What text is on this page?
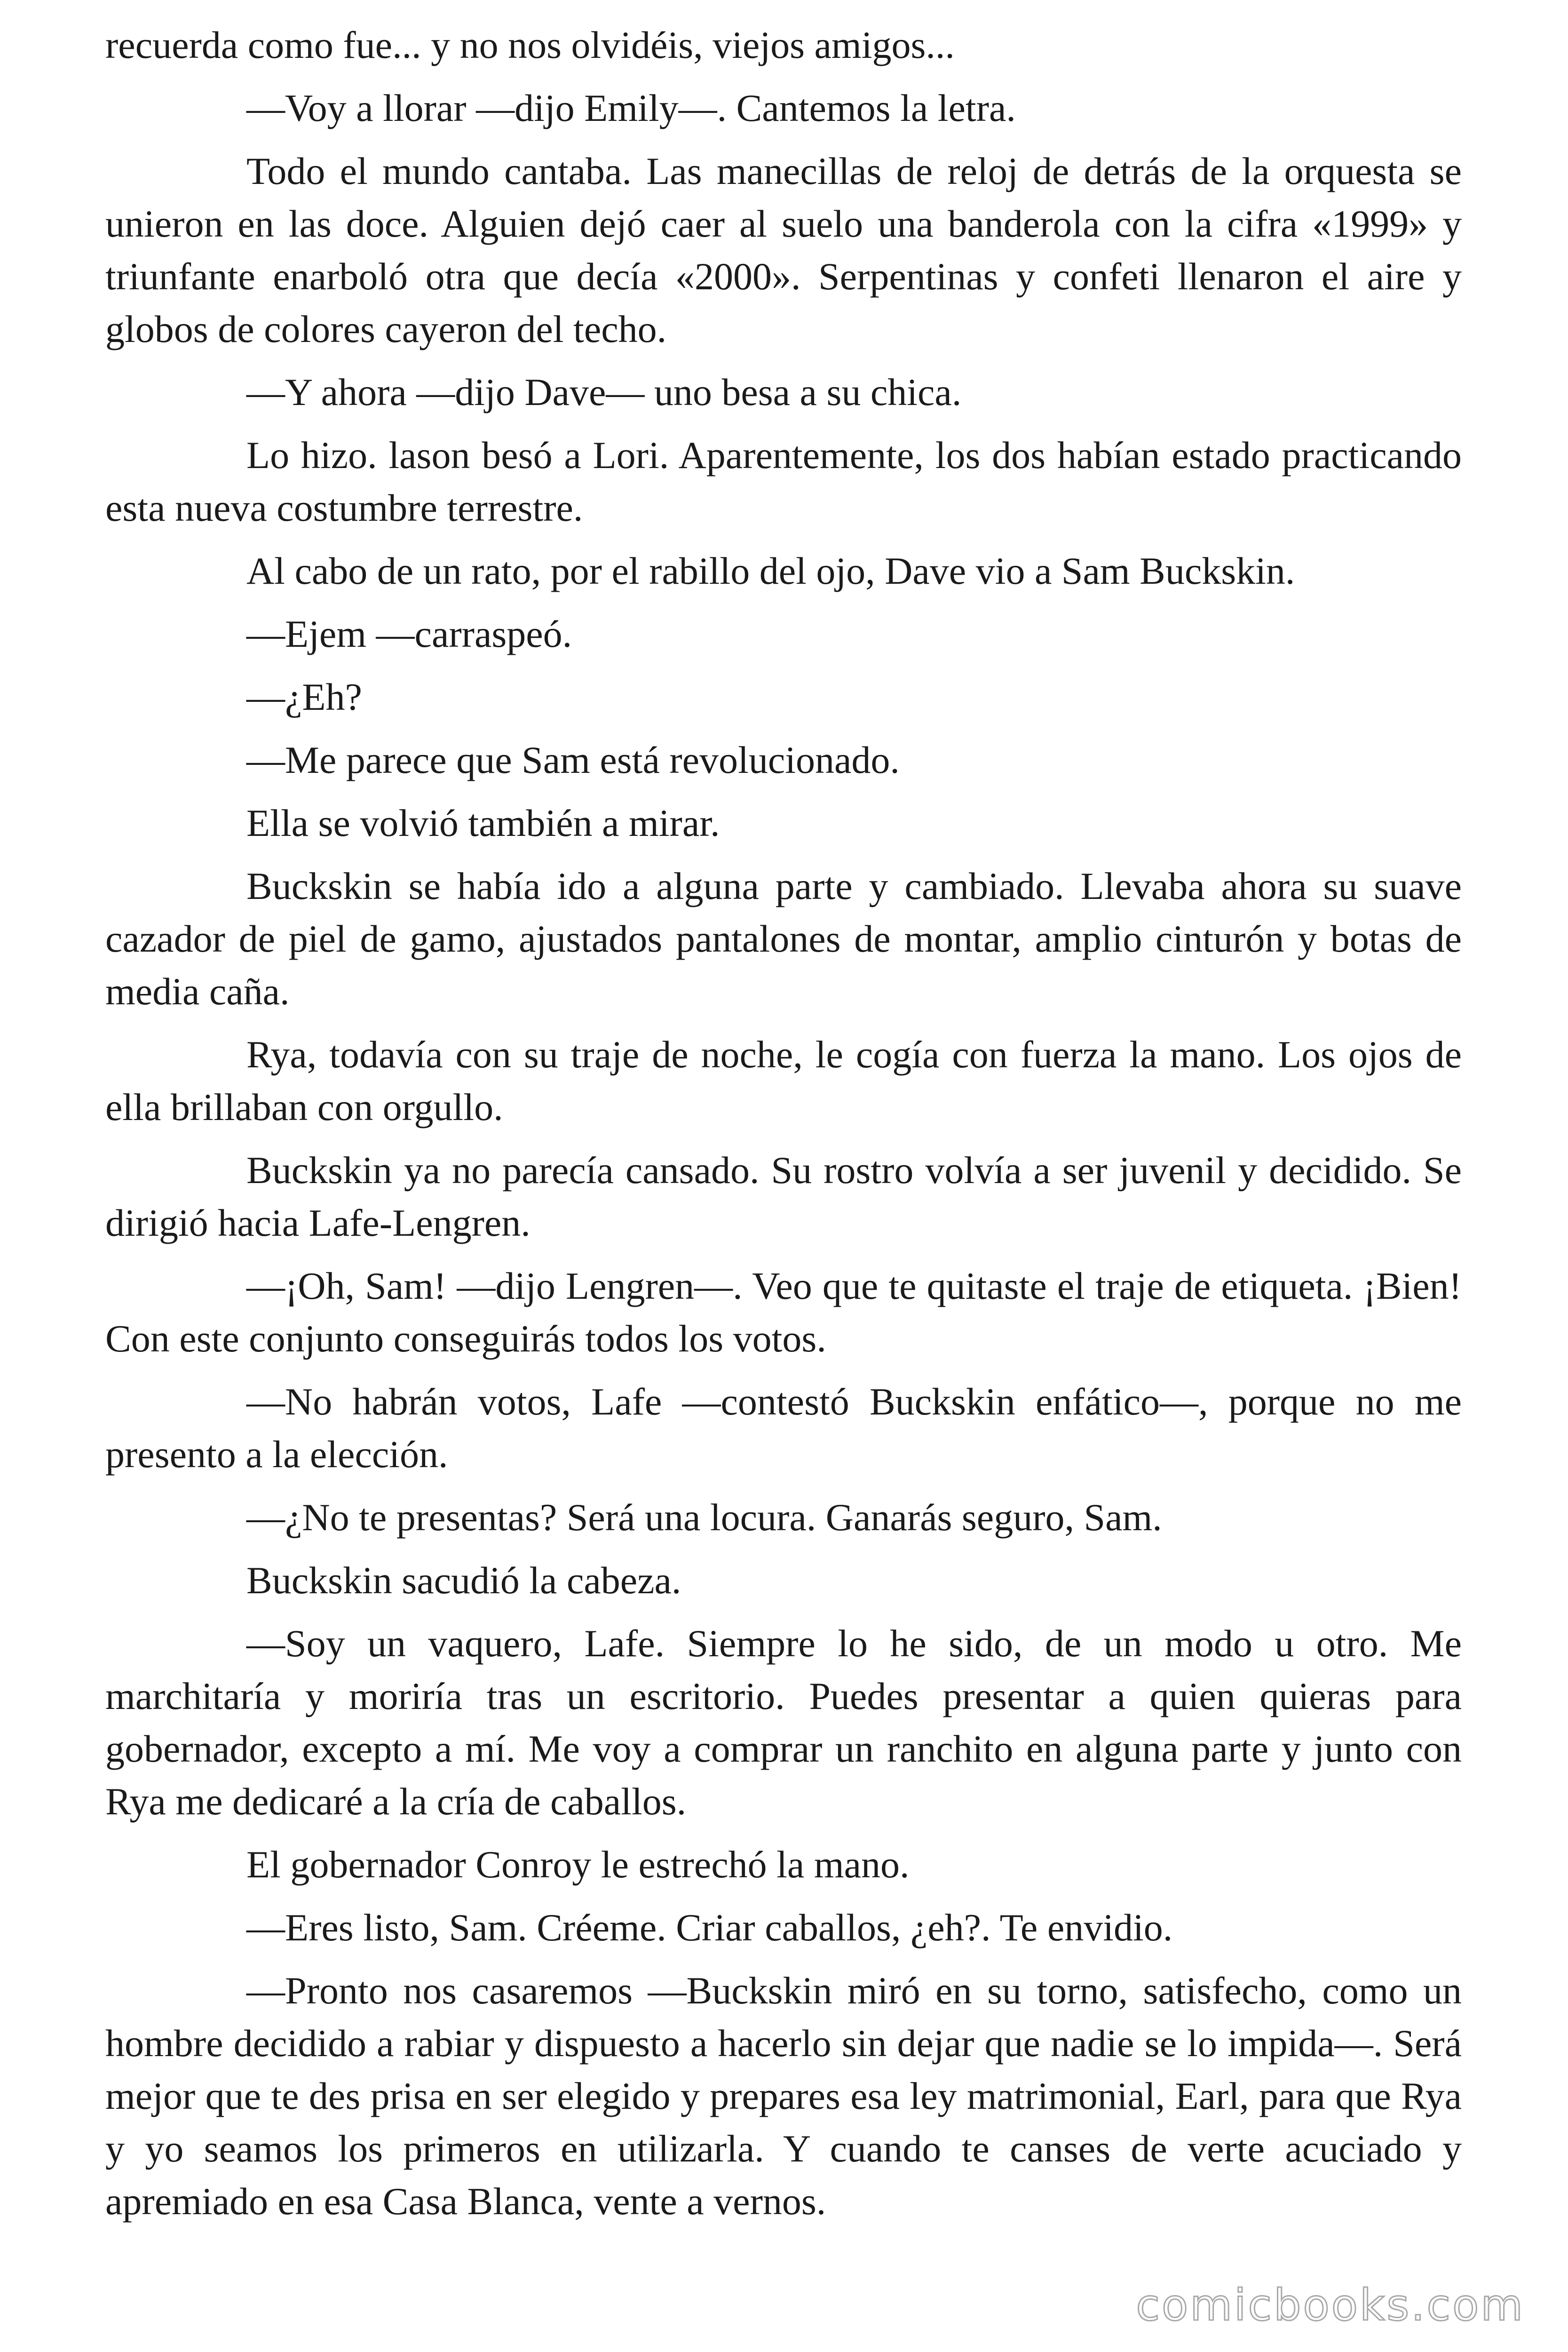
recuerda como fue... y no nos olvidéis, viejos amigos...

—Voy a llorar —dijo Emily—. Cantemos la letra.

Todo el mundo cantaba. Las manecillas de reloj de detrás de la orquesta se unieron en las doce. Alguien dejó caer al suelo una banderola con la cifra «1999» y triunfante enarboló otra que decía «2000». Serpentinas y confeti llenaron el aire y globos de colores cayeron del techo.

—Y ahora —dijo Dave— uno besa a su chica.

Lo hizo. lason besó a Lori. Aparentemente, los dos habían estado practicando esta nueva costumbre terrestre.

Al cabo de un rato, por el rabillo del ojo, Dave vio a Sam Buckskin.

—Ejem —carraspeó.

—¿Eh?

—Me parece que Sam está revolucionado.

Ella se volvió también a mirar.

Buckskin se había ido a alguna parte y cambiado. Llevaba ahora su suave cazador de piel de gamo, ajustados pantalones de montar, amplio cinturón y botas de media caña.

Rya, todavía con su traje de noche, le cogía con fuerza la mano. Los ojos de ella brillaban con orgullo.

Buckskin ya no parecía cansado. Su rostro volvía a ser juvenil y decidido. Se dirigió hacia Lafe-Lengren.

—¡Oh, Sam! —dijo Lengren—. Veo que te quitaste el traje de etiqueta. ¡Bien! Con este conjunto conseguirás todos los votos.

—No habrán votos, Lafe —contestó Buckskin enfático—, porque no me presento a la elección.

—¿No te presentas? Será una locura. Ganarás seguro, Sam.

Buckskin sacudió la cabeza.

—Soy un vaquero, Lafe. Siempre lo he sido, de un modo u otro. Me marchitaría y moriría tras un escritorio. Puedes presentar a quien quieras para gobernador, excepto a mí. Me voy a comprar un ranchito en alguna parte y junto con Rya me dedicaré a la cría de caballos.

El gobernador Conroy le estrechó la mano.

—Eres listo, Sam. Créeme. Criar caballos, ¿eh?. Te envidio.

—Pronto nos casaremos —Buckskin miró en su torno, satisfecho, como un hombre decidido a rabiar y dispuesto a hacerlo sin dejar que nadie se lo impida—. Será mejor que te des prisa en ser elegido y prepares esa ley matrimonial, Earl, para que Rya y yo seamos los primeros en utilizarla. Y cuando te canses de verte acuciado y apremiado en esa Casa Blanca, vente a vernos.

comicbooks.com
